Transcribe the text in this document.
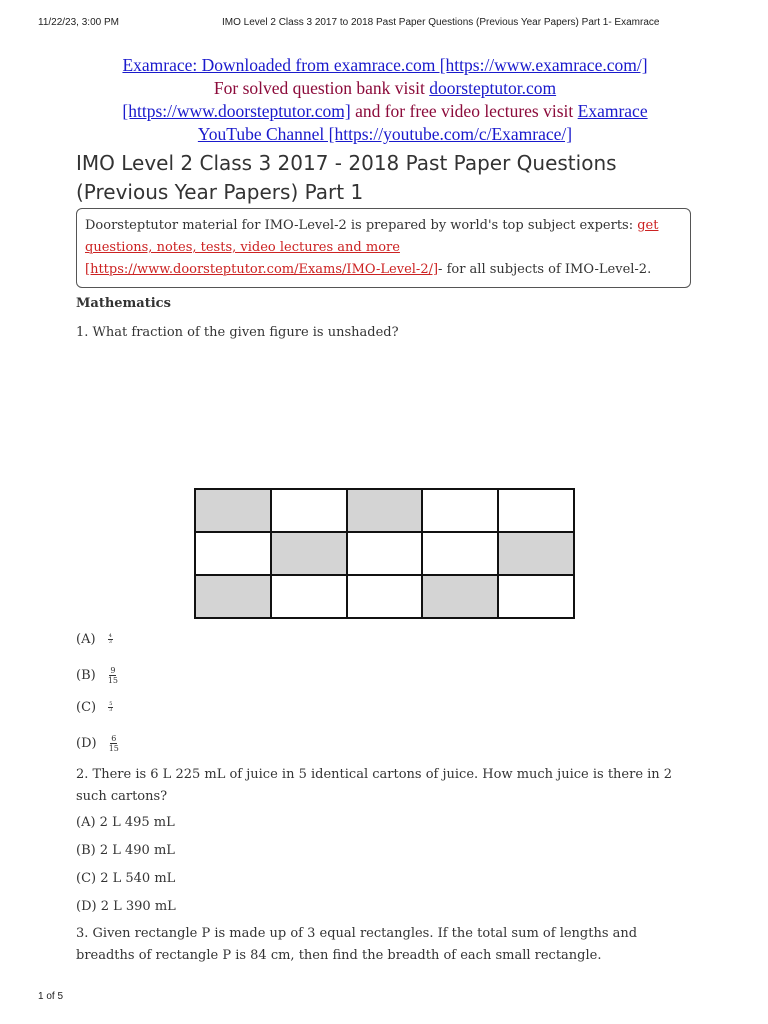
11/22/23, 3:00 PM	IMO Level 2 Class 3 2017 to 2018 Past Paper Questions (Previous Year Papers) Part 1- Examrace
Examrace: Downloaded from examrace.com [https://www.examrace.com/]
For solved question bank visit doorsteptutor.com
[https://www.doorsteptutor.com] and for free video lectures visit Examrace
YouTube Channel [https://youtube.com/c/Examrace/]
IMO Level 2 Class 3 2017 - 2018 Past Paper Questions (Previous Year Papers) Part 1
Doorsteptutor material for IMO-Level-2 is prepared by world's top subject experts: get questions, notes, tests, video lectures and more [https://www.doorsteptutor.com/Exams/IMO-Level-2/]- for all subjects of IMO-Level-2.
Mathematics
1. What fraction of the given figure is unshaded?
$(A) \frac{4}{3}$
$(B) \frac{9}{15}$
$(C) \frac{5}{3}$
$(D) \frac{6}{15}$
2. There is 6 L 225 mL of juice in 5 identical cartons of juice. How much juice is there in 2 such cartons?
(A) 2 L 495 mL
(B) 2 L 490 mL
(C) 2 L 540 mL
(D) 2 L 390 mL
3. Given rectangle P is made up of 3 equal rectangles. If the total sum of lengths and breadths of rectangle P is 84 cm, then find the breadth of each small rectangle.
1 of 5
